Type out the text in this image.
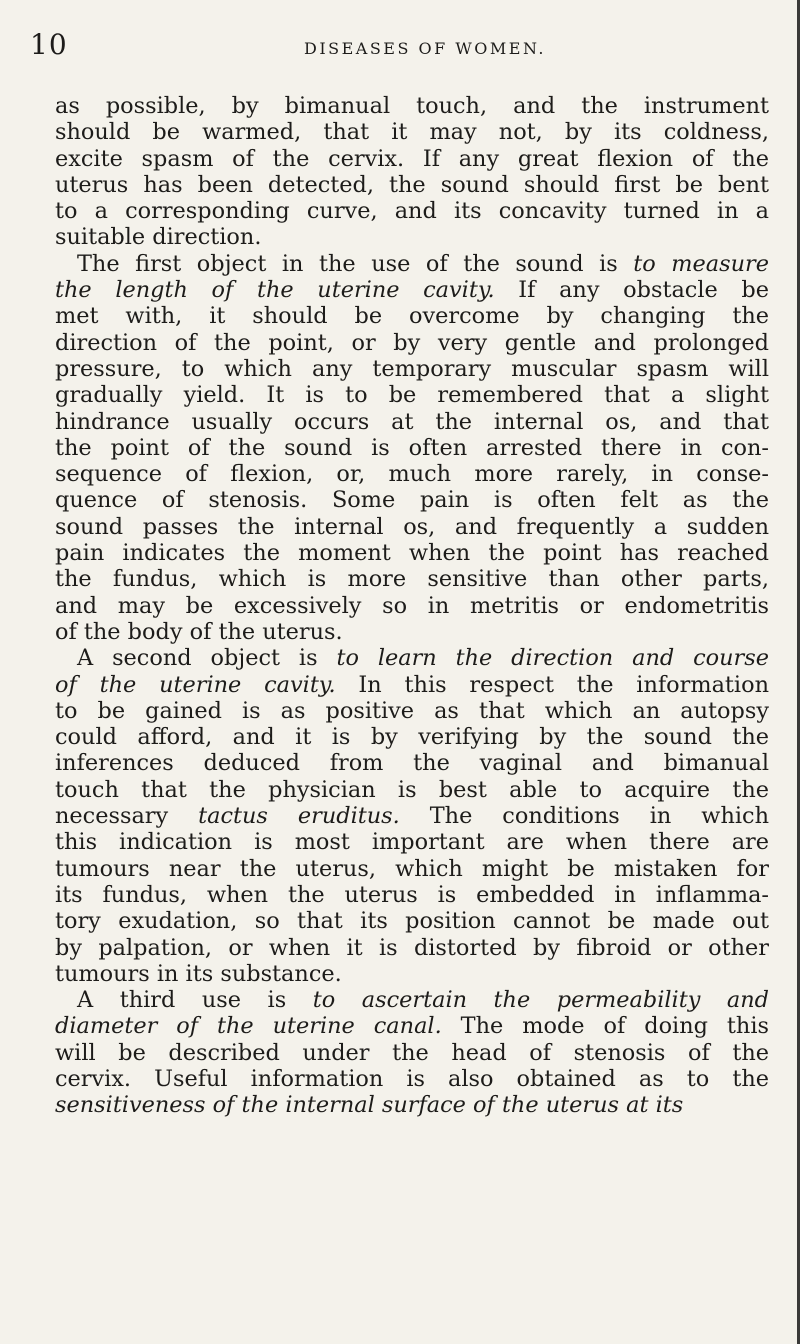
10	DISEASES OF WOMEN.
as possible, by bimanual touch, and the instrument
should be warmed, that it may not, by its coldness,
excite spasm of the cervix. If any great flexion of the
uterus has been detected, the sound should first be bent
to a corresponding curve, and its concavity turned in a
suitable direction.
The first object in the use of the sound is to measure
the length of the uterine cavity. If any obstacle be
met with, it should be overcome by changing the
direction of the point, or by very gentle and prolonged
pressure, to which any temporary muscular spasm will
gradually yield. It is to be remembered that a slight
hindrance usually occurs at the internal os, and that
the point of the sound is often arrested there in con-
sequence of flexion, or, much more rarely, in conse-
quence of stenosis. Some pain is often felt as the
sound passes the internal os, and frequently a sudden
pain indicates the moment when the point has reached
the fundus, which is more sensitive than other parts,
and may be excessively so in metritis or endometritis
of the body of the uterus.
A second object is to learn the direction and course
of the uterine cavity. In this respect the information
to be gained is as positive as that which an autopsy
could afford, and it is by verifying by the sound the
inferences deduced from the vaginal and bimanual
touch that the physician is best able to acquire the
necessary tactus eruditus. The conditions in which
this indication is most important are when there are
tumours near the uterus, which might be mistaken for
its fundus, when the uterus is embedded in inflamma-
tory exudation, so that its position cannot be made out
by palpation, or when it is distorted by fibroid or other
tumours in its substance.
A third use is to ascertain the permeability and
diameter of the uterine canal. The mode of doing this
will be described under the head of stenosis of the
cervix. Useful information is also obtained as to the
sensitiveness of the internal surface of the uterus at its
